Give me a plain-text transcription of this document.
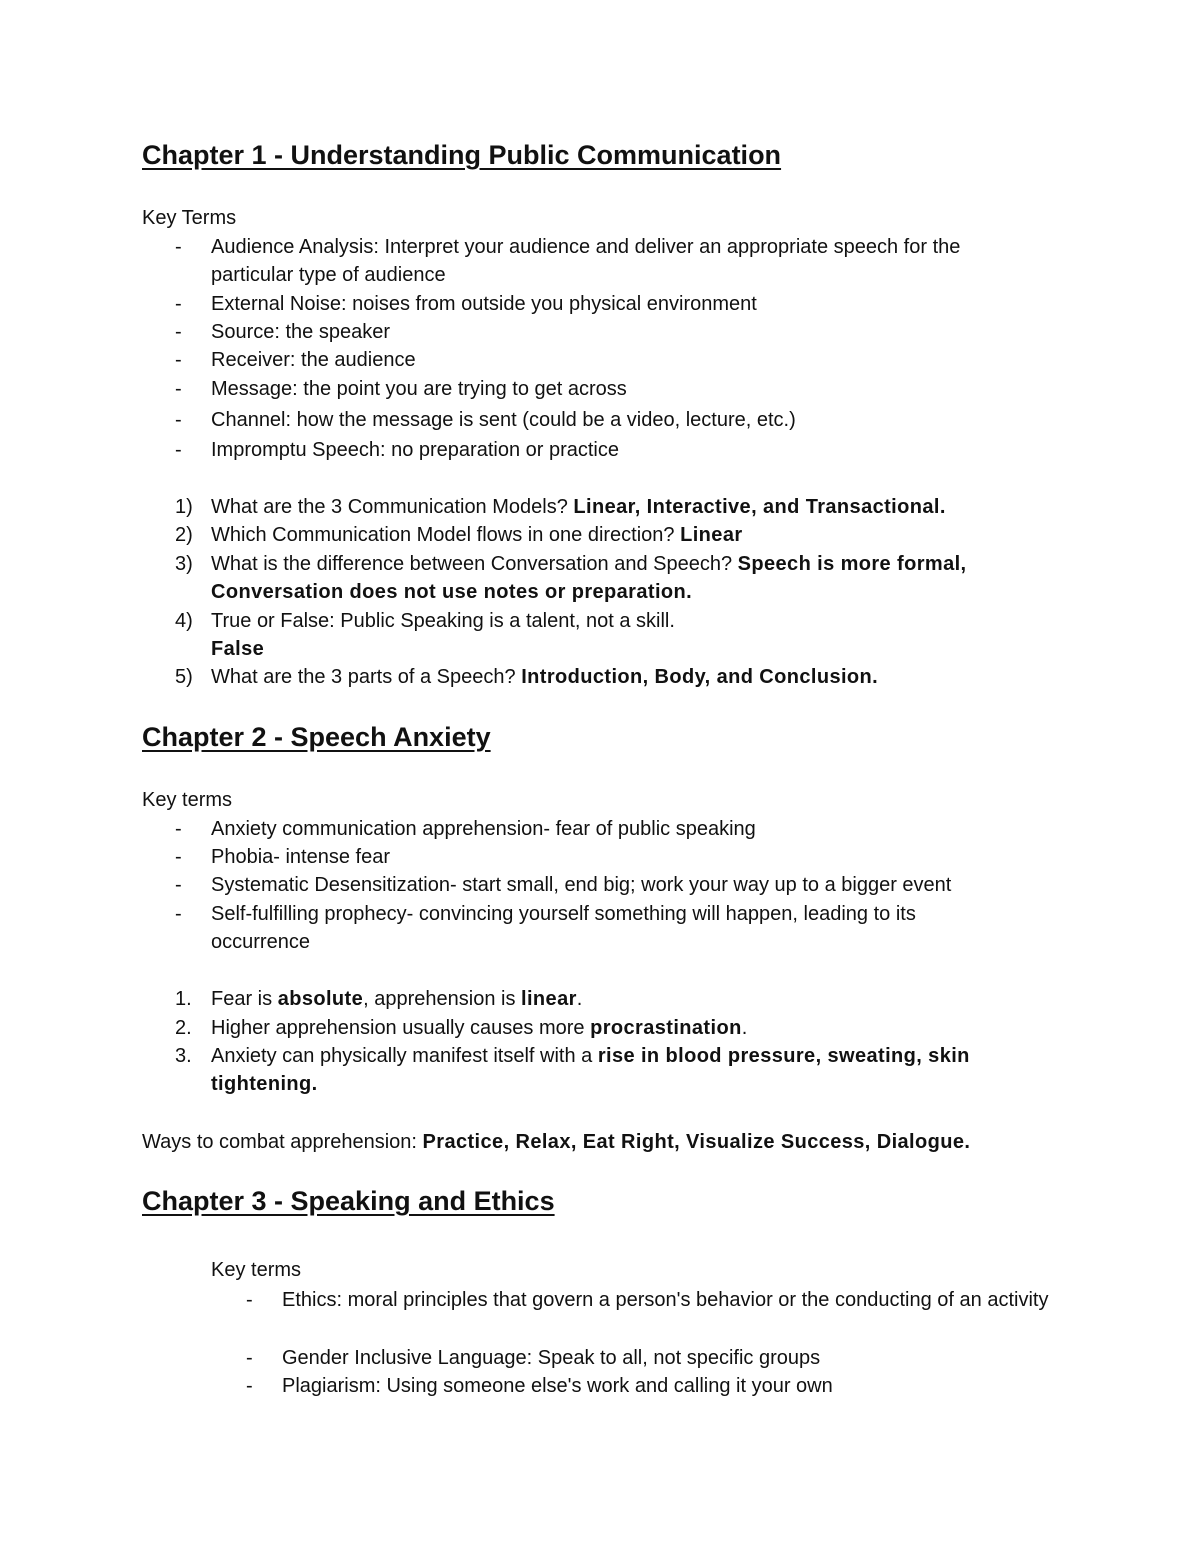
Chapter 1 - Understanding Public Communication
Key Terms
-	Audience Analysis: Interpret your audience and deliver an appropriate speech for the particular type of audience
-	External Noise: noises from outside you physical environment
-	Source: the speaker
-	Receiver: the audience
-	Message: the point you are trying to get across
-	Channel: how the message is sent (could be a video, lecture, etc.)
-	Impromptu Speech: no preparation or practice
1) What are the 3 Communication Models? Linear, Interactive, and Transactional.
2) Which Communication Model flows in one direction? Linear
3) What is the difference between Conversation and Speech? Speech is more formal, Conversation does not use notes or preparation.
4) True or False: Public Speaking is a talent, not a skill.
False
5) What are the 3 parts of a Speech? Introduction, Body, and Conclusion.
Chapter 2 - Speech Anxiety
Key terms
-	Anxiety communication apprehension- fear of public speaking
-	Phobia- intense fear
-	Systematic Desensitization- start small, end big; work your way up to a bigger event
-	Self-fulfilling prophecy- convincing yourself something will happen, leading to its occurrence
1. Fear is absolute, apprehension is linear.
2. Higher apprehension usually causes more procrastination.
3. Anxiety can physically manifest itself with a rise in blood pressure, sweating, skin tightening.
Ways to combat apprehension: Practice, Relax, Eat Right, Visualize Success, Dialogue.
Chapter 3 - Speaking and Ethics
Key terms
-	Ethics: moral principles that govern a person's behavior or the conducting of an activity
-	Gender Inclusive Language: Speak to all, not specific groups
-	Plagiarism: Using someone else's work and calling it your own
